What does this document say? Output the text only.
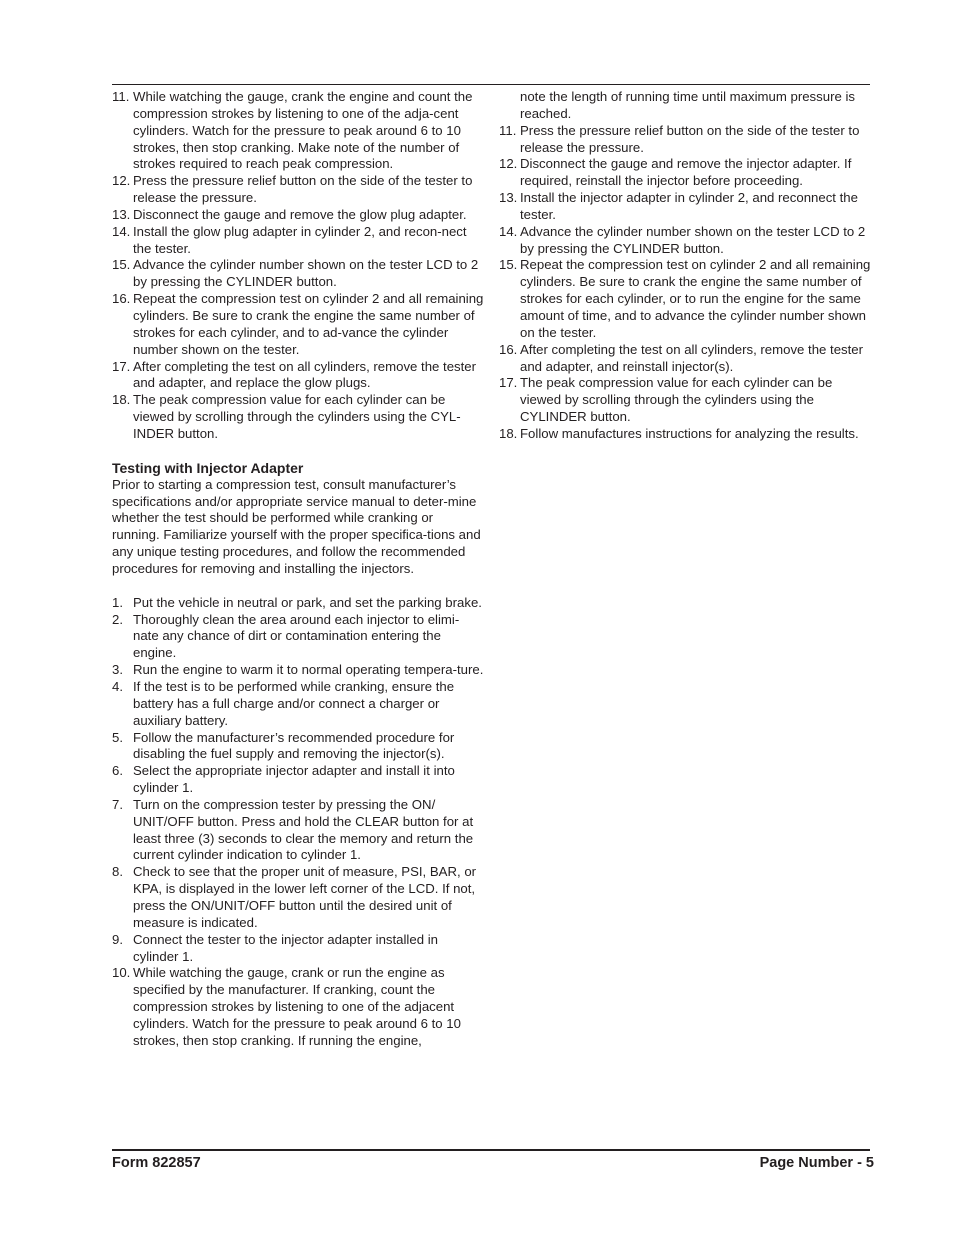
11. While watching the gauge, crank the engine and count the compression strokes by listening to one of the adja-cent cylinders. Watch for the pressure to peak around 6 to 10 strokes, then stop cranking. Make note of the number of strokes required to reach peak compression.
12. Press the pressure relief button on the side of the tester to release the pressure.
13. Disconnect the gauge and remove the glow plug adapter.
14. Install the glow plug adapter in cylinder 2, and recon-nect the tester.
15. Advance the cylinder number shown on the tester LCD to 2 by pressing the CYLINDER button.
16. Repeat the compression test on cylinder 2 and all remaining cylinders. Be sure to crank the engine the same number of strokes for each cylinder, and to ad-vance the cylinder number shown on the tester.
17. After completing the test on all cylinders, remove the tester and adapter, and replace the glow plugs.
18. The peak compression value for each cylinder can be viewed by scrolling through the cylinders using the CYL-INDER button.
Testing with Injector Adapter

Prior to starting a compression test, consult manufacturer’s specifications and/or appropriate service manual to deter-mine whether the test should be performed while cranking or running. Familiarize yourself with the proper specifica-tions and any unique testing procedures, and follow the recommended procedures for removing and installing the injectors.

1. Put the vehicle in neutral or park, and set the parking brake.
2. Thoroughly clean the area around each injector to elimi-nate any chance of dirt or contamination entering the engine.
3. Run the engine to warm it to normal operating tempera-ture.
4. If the test is to be performed while cranking, ensure the battery has a full charge and/or connect a charger or auxiliary battery.
5. Follow the manufacturer’s recommended procedure for disabling the fuel supply and removing the injector(s).
6. Select the appropriate injector adapter and install it into cylinder 1.
7. Turn on the compression tester by pressing the ON/ UNIT/OFF button. Press and hold the CLEAR button for at least three (3) seconds to clear the memory and return the current cylinder indication to cylinder 1.
8. Check to see that the proper unit of measure, PSI, BAR, or KPA, is displayed in the lower left corner of the LCD. If not, press the ON/UNIT/OFF button until the desired unit of measure is indicated.
9. Connect the tester to the injector adapter installed in cylinder 1.
10. While watching the gauge, crank or run the engine as specified by the manufacturer. If cranking, count the compression strokes by listening to one of the adjacent cylinders. Watch for the pressure to peak around 6 to 10 strokes, then stop cranking. If running the engine,
note the length of running time until maximum pressure is reached.
11. Press the pressure relief button on the side of the tester to release the pressure.
12. Disconnect the gauge and remove the injector adapter. If required, reinstall the injector before proceeding.
13. Install the injector adapter in cylinder 2, and reconnect the tester.
14. Advance the cylinder number shown on the tester LCD to 2 by pressing the CYLINDER button.
15. Repeat the compression test on cylinder 2 and all remaining cylinders. Be sure to crank the engine the same number of strokes for each cylinder, or to run the engine for the same amount of time, and to advance the cylinder number shown on the tester.
16. After completing the test on all cylinders, remove the tester and adapter, and reinstall injector(s).
17. The peak compression value for each cylinder can be viewed by scrolling through the cylinders using the CYLINDER button.
18. Follow manufactures instructions for analyzing the results.
Form 822857	Page Number - 5
